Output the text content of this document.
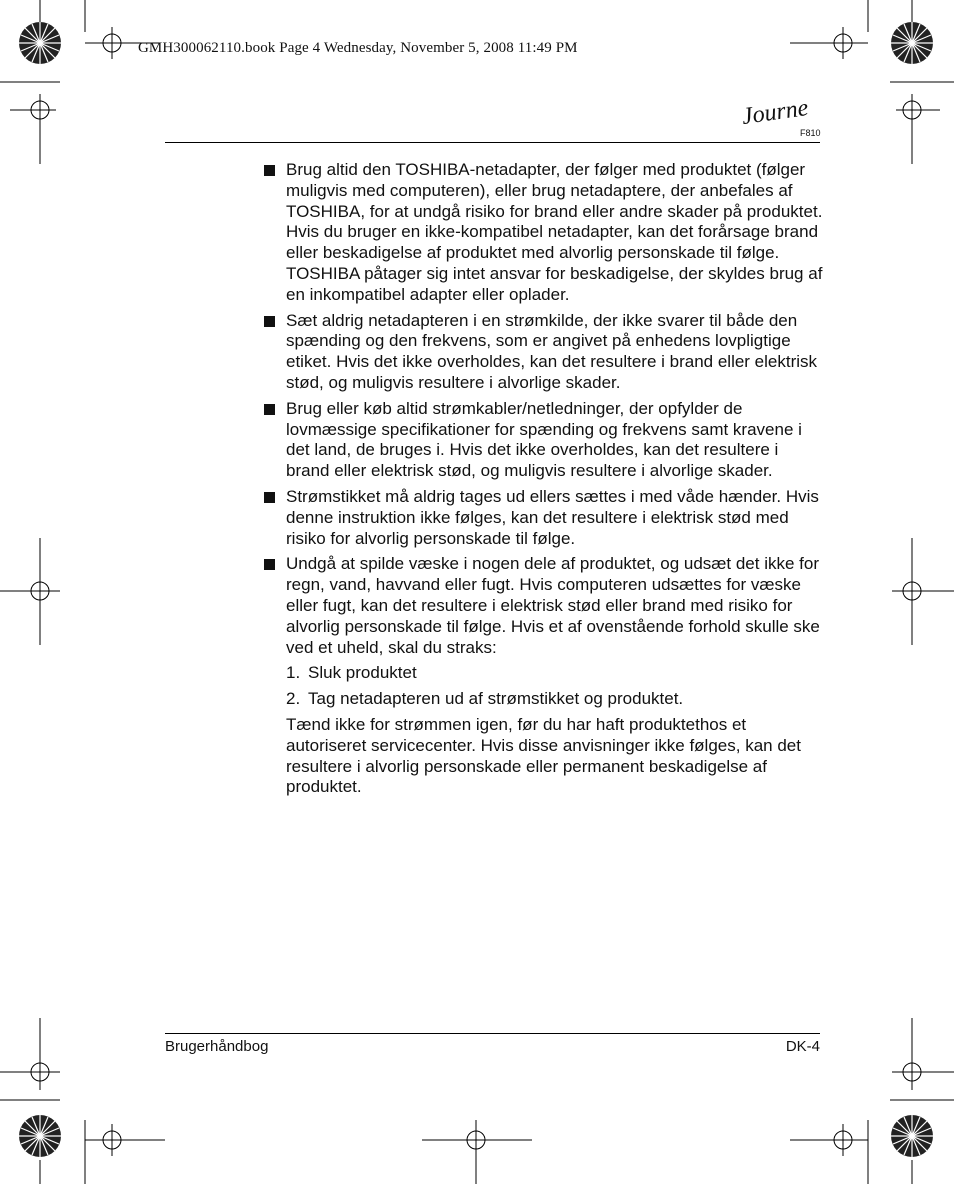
GMH300062110.book Page 4 Wednesday, November 5, 2008 11:49 PM
Journe
F810
Brug altid den TOSHIBA-netadapter, der følger med produktet (følger muligvis med computeren), eller brug netadaptere, der anbefales af TOSHIBA, for at undgå risiko for brand eller andre skader på produktet. Hvis du bruger en ikke-kompatibel netadapter, kan det forårsage brand eller beskadigelse af produktet med alvorlig personskade til følge. TOSHIBA påtager sig intet ansvar for beskadigelse, der skyldes brug af en inkompatibel adapter eller oplader.
Sæt aldrig netadapteren i en strømkilde, der ikke svarer til både den spænding og den frekvens, som er angivet på enhedens lovpligtige etiket. Hvis det ikke overholdes, kan det resultere i brand eller elektrisk stød, og muligvis resultere i alvorlige skader.
Brug eller køb altid strømkabler/netledninger, der opfylder de lovmæssige specifikationer for spænding og frekvens samt kravene i det land, de bruges i. Hvis det ikke overholdes, kan det resultere i brand eller elektrisk stød, og muligvis resultere i alvorlige skader.
Strømstikket må aldrig tages ud ellers sættes i med våde hænder. Hvis denne instruktion ikke følges, kan det resultere i elektrisk stød med risiko for alvorlig personskade til følge.
Undgå at spilde væske i nogen dele af produktet, og udsæt det ikke for regn, vand, havvand eller fugt. Hvis computeren udsættes for væske eller fugt, kan det resultere i elektrisk stød eller brand med risiko for alvorlig personskade til følge. Hvis et af ovenstående forhold skulle ske ved et uheld, skal du straks:
1. Sluk produktet
2. Tag netadapteren ud af strømstikket og produktet.
Tænd ikke for strømmen igen, før du har haft produktethos et autoriseret servicecenter. Hvis disse anvisninger ikke følges, kan det resultere i alvorlig personskade eller permanent beskadigelse af produktet.
Brugerhåndbog	DK-4
